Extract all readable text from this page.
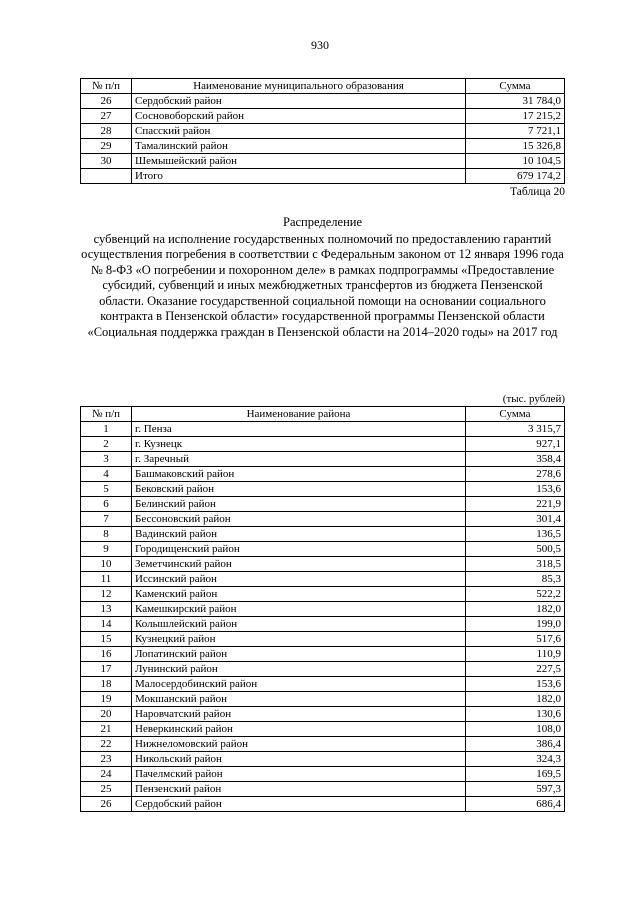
930
№ п/п	Наименование муниципального образования	Сумма
26	Сердобский район	31 784,0
27	Сосновоборский район	17 215,2
28	Спасский район	7 721,1
29	Тамалинский район	15 326,8
30	Шемышейский район	10 104,5
	Итого	679 174,2
Таблица 20
Распределение
субвенций на исполнение государственных полномочий по предоставлению гарантий осуществления погребения в соответствии с Федеральным законом от 12 января 1996 года № 8-ФЗ «О погребении и похоронном деле» в рамках подпрограммы «Предоставление субсидий, субвенций и иных межбюджетных трансфертов из бюджета Пензенской области. Оказание государственной социальной помощи на основании социального контракта в Пензенской области» государственной программы Пензенской области «Социальная поддержка граждан в Пензенской области на 2014–2020 годы» на 2017 год
(тыс. рублей)
№ п/п	Наименование района	Сумма
1	г. Пенза	3 315,7
2	г. Кузнецк	927,1
3	г. Заречный	358,4
4	Башмаковский район	278,6
5	Бековский район	153,6
6	Белинский район	221,9
7	Бессоновский район	301,4
8	Вадинский район	136,5
9	Городищенский район	500,5
10	Земетчинский район	318,5
11	Иссинский район	85,3
12	Каменский район	522,2
13	Камешкирский район	182,0
14	Колышлейский район	199,0
15	Кузнецкий район	517,6
16	Лопатинский район	110,9
17	Лунинский район	227,5
18	Малосердобинский район	153,6
19	Мокшанский район	182,0
20	Наровчатский район	130,6
21	Неверкинский район	108,0
22	Нижнеломовский район	386,4
23	Никольский район	324,3
24	Пачелмский район	169,5
25	Пензенский район	597,3
26	Сердобский район	686,4
